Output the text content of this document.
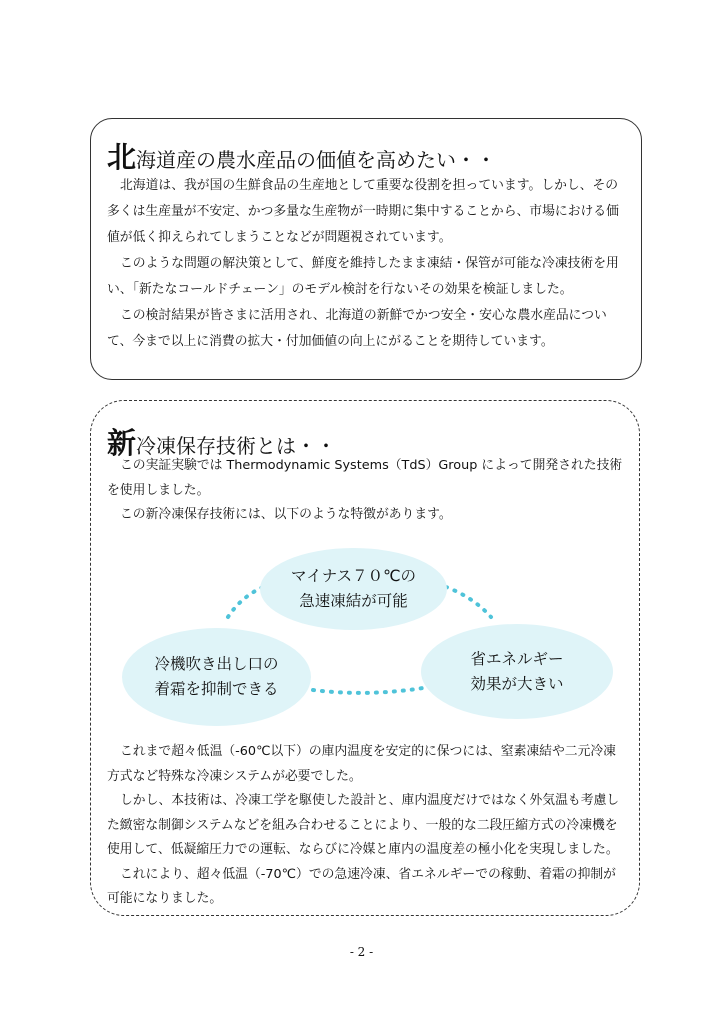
北海道産の農水産品の価値を高めたい・・

北海道は、我が国の生鮮食品の生産地として重要な役割を担っています。しかし、その多くは生産量が不安定、かつ多量な生産物が一時期に集中することから、市場における価値が低く抑えられてしまうことなどが問題視されています。

このような問題の解決策として、鮮度を維持したまま凍結・保管が可能な冷凍技術を用い、「新たなコールドチェーン」のモデル検討を行ないその効果を検証しました。

この検討結果が皆さまに活用され、北海道の新鮮でかつ安全・安心な農水産品について、今まで以上に消費の拡大・付加価値の向上にがることを期待しています。

新冷凍保存技術とは・・

この実証実験では Thermodynamic Systems（TdS）Group によって開発された技術を使用しました。

この新冷凍保存技術には、以下のような特徴があります。

マイナス７０℃の
急速凍結が可能
冷機吹き出し口の
着霜を抑制できる
省エネルギー
効果が大きい

これまで超々低温（-60℃以下）の庫内温度を安定的に保つには、窒素凍結や二元冷凍方式など特殊な冷凍システムが必要でした。

しかし、本技術は、冷凍工学を駆使した設計と、庫内温度だけではなく外気温も考慮した緻密な制御システムなどを組み合わせることにより、一般的な二段圧縮方式の冷凍機を使用して、低凝縮圧力での運転、ならびに冷媒と庫内の温度差の極小化を実現しました。

これにより、超々低温（-70℃）での急速冷凍、省エネルギーでの稼動、着霜の抑制が可能になりました。

- 2 -
